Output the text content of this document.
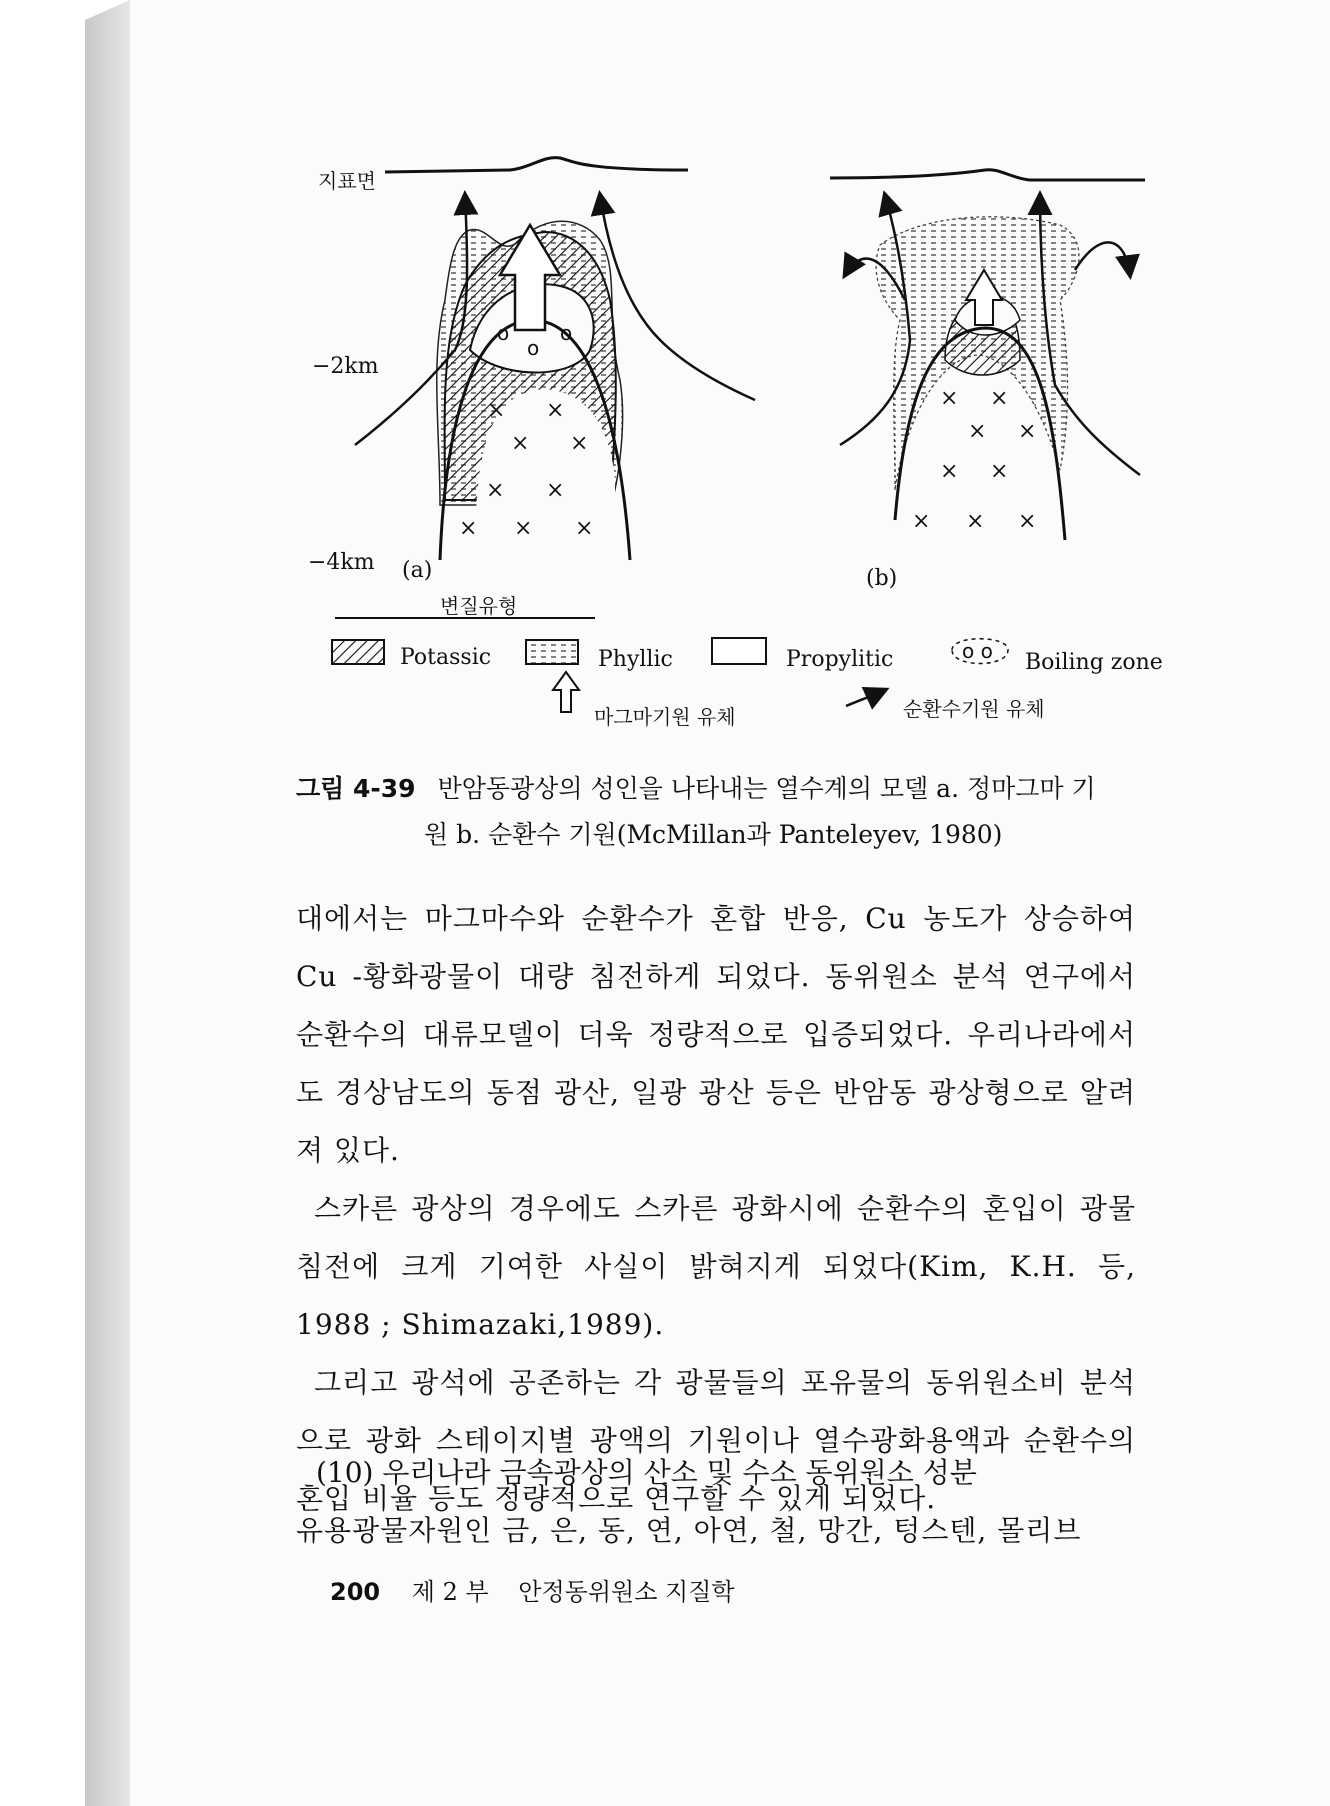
지표면
−2km
−4km (a)	(b)
× ×
× ×
× ×
× × ×
o
o
o
× ×
× ×
× ×
× × ×
변질유형
Potassic	Phyllic	Propylitic	o o Boiling zone
마그마기원 유체	순환수기원 유체
그림 4-39 반암동광상의 성인을 나타내는 열수계의 모델 a. 정마그마 기
원 b. 순환수 기원(McMillan과 Panteleyev, 1980)

대에서는 마그마수와 순환수가 혼합 반응, Cu 농도가 상승하여 Cu -황화광물이 대량 침전하게 되었다. 동위원소 분석 연구에서 순환수의 대류모델이 더욱 정량적으로 입증되었다. 우리나라에서도 경상남도의 동점 광산, 일광 광산 등은 반암동 광상형으로 알려져 있다.

스카른 광상의 경우에도 스카른 광화시에 순환수의 혼입이 광물침전에 크게 기여한 사실이 밝혀지게 되었다(Kim, K.H. 등, 1988 ; Shimazaki,1989).

그리고 광석에 공존하는 각 광물들의 포유물의 동위원소비 분석으로 광화 스테이지별 광액의 기원이나 열수광화용액과 순환수의 혼입 비율 등도 정량적으로 연구할 수 있게 되었다.

(10) 우리나라 금속광상의 산소 및 수소 동위원소 성분
유용광물자원인 금, 은, 동, 연, 아연, 철, 망간, 텅스텐, 몰리브
200 제 2 부 안정동위원소 지질학
